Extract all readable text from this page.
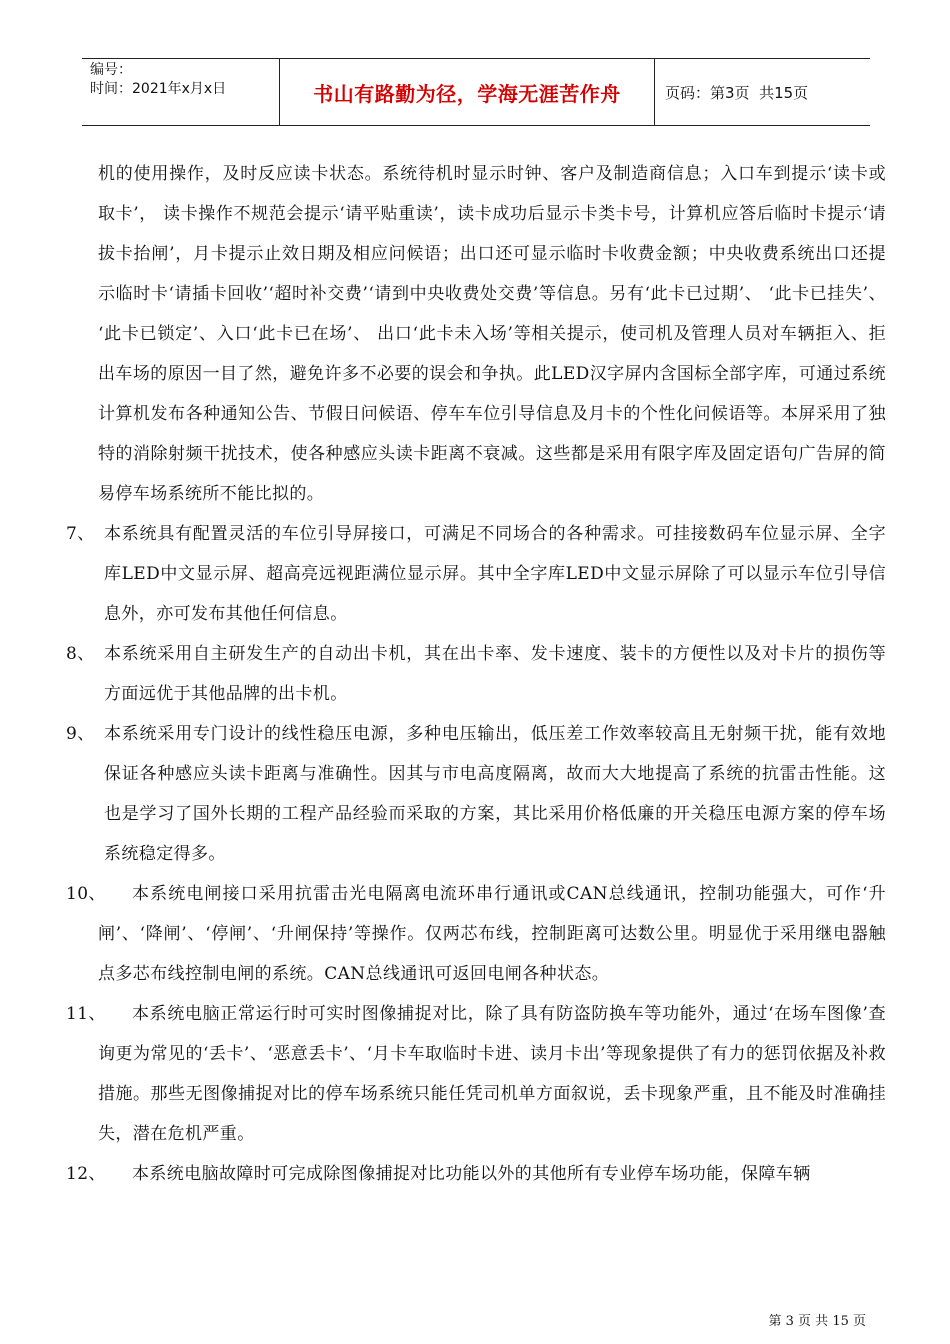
编号：
时间：2021年x月x日	书山有路勤为径，学海无涯苦作舟	页码：第3页  共15页

机的使用操作，及时反应读卡状态。系统待机时显示时钟、客户及制造商信息；入口车到提示‘读卡或取卡’， 读卡操作不规范会提示‘请平贴重读’，读卡成功后显示卡类卡号，计算机应答后临时卡提示‘请拔卡抬闸’，月卡提示止效日期及相应问候语；出口还可显示临时卡收费金额；中央收费系统出口还提示临时卡‘请插卡回收’‘超时补交费’‘请到中央收费处交费’等信息。另有‘此卡已过期’、 ‘此卡已挂失’、 ‘此卡已锁定’、入口‘此卡已在场’、 出口‘此卡未入场’等相关提示，使司机及管理人员对车辆拒入、拒出车场的原因一目了然，避免许多不必要的误会和争执。此LED汉字屏内含国标全部字库，可通过系统计算机发布各种通知公告、节假日问候语、停车车位引导信息及月卡的个性化问候语等。本屏采用了独特的消除射频干扰技术，使各种感应头读卡距离不衰减。这些都是采用有限字库及固定语句广告屏的简易停车场系统所不能比拟的。

7、 本系统具有配置灵活的车位引导屏接口，可满足不同场合的各种需求。可挂接数码车位显示屏、全字库LED中文显示屏、超高亮远视距满位显示屏。其中全字库LED中文显示屏除了可以显示车位引导信息外，亦可发布其他任何信息。
8、 本系统采用自主研发生产的自动出卡机，其在出卡率、发卡速度、装卡的方便性以及对卡片的损伤等方面远优于其他品牌的出卡机。
9、 本系统采用专门设计的线性稳压电源，多种电压输出，低压差工作效率较高且无射频干扰，能有效地保证各种感应头读卡距离与准确性。因其与市电高度隔离，故而大大地提高了系统的抗雷击性能。这也是学习了国外长期的工程产品经验而采取的方案，其比采用价格低廉的开关稳压电源方案的停车场系统稳定得多。
10、	本系统电闸接口采用抗雷击光电隔离电流环串行通讯或CAN总线通讯，控制功能强大，可作‘升闸’、‘降闸’、‘停闸’、‘升闸保持’等操作。仅两芯布线，控制距离可达数公里。明显优于采用继电器触点多芯布线控制电闸的系统。CAN总线通讯可返回电闸各种状态。
11、	本系统电脑正常运行时可实时图像捕捉对比，除了具有防盗防换车等功能外，通过‘在场车图像’查询更为常见的‘丢卡’、‘恶意丢卡’、‘月卡车取临时卡进、读月卡出’等现象提供了有力的惩罚依据及补救措施。那些无图像捕捉对比的停车场系统只能任凭司机单方面叙说，丢卡现象严重，且不能及时准确挂失，潜在危机严重。
12、	本系统电脑故障时可完成除图像捕捉对比功能以外的其他所有专业停车场功能，保障车辆
第 3 页 共 15 页
